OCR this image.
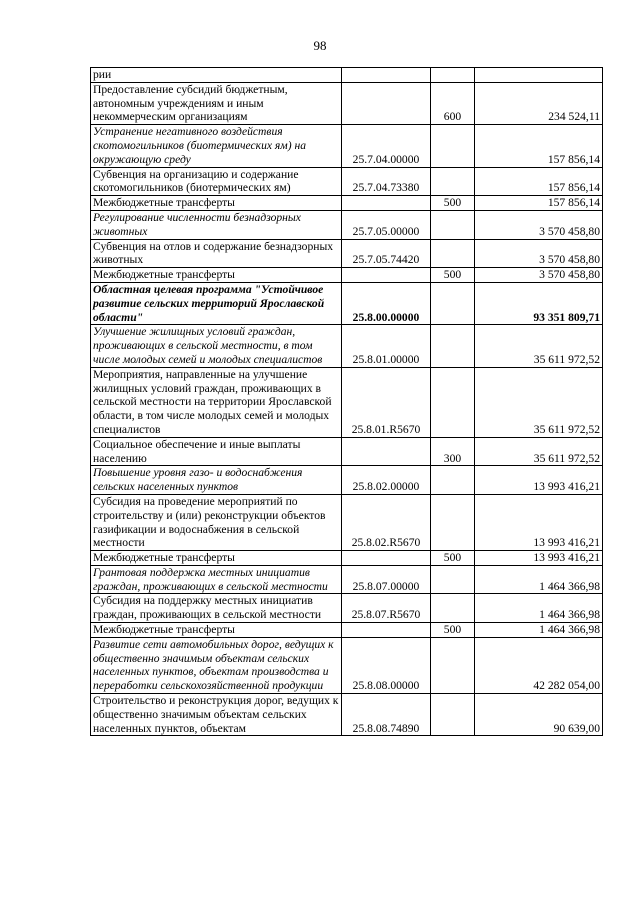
98
рии			
Предоставление субсидий бюджетным, автономным учреждениям и иным некоммерческим организациям		600	234 524,11
Устранение негативного воздействия скотомогильников (биотермических ям) на окружающую среду	25.7.04.00000		157 856,14
Субвенция на организацию и содержание скотомогильников (биотермических ям)	25.7.04.73380		157 856,14
Межбюджетные трансферты		500	157 856,14
Регулирование численности безнадзорных животных	25.7.05.00000		3 570 458,80
Субвенция на отлов и содержание безнадзорных животных	25.7.05.74420		3 570 458,80
Межбюджетные трансферты		500	3 570 458,80
Областная целевая программа "Устойчивое развитие сельских территорий Ярославской области"	25.8.00.00000		93 351 809,71
Улучшение жилищных условий граждан, проживающих в сельской местности, в том числе молодых семей и молодых специалистов	25.8.01.00000		35 611 972,52
Мероприятия, направленные на улучшение жилищных условий граждан, проживающих в сельской местности на территории Ярославской области, в том числе молодых семей и молодых специалистов	25.8.01.R5670		35 611 972,52
Социальное обеспечение и иные выплаты населению		300	35 611 972,52
Повышение уровня газо- и водоснабжения сельских населенных пунктов	25.8.02.00000		13 993 416,21
Субсидия на проведение мероприятий по строительству и (или) реконструкции объектов газификации и водоснабжения в сельской местности	25.8.02.R5670		13 993 416,21
Межбюджетные трансферты		500	13 993 416,21
Грантовая поддержка местных инициатив граждан, проживающих в сельской местности	25.8.07.00000		1 464 366,98
Субсидия на поддержку местных инициатив граждан, проживающих в сельской местности	25.8.07.R5670		1 464 366,98
Межбюджетные трансферты		500	1 464 366,98
Развитие сети автомобильных дорог, ведущих к общественно значимым объектам сельских населенных пунктов, объектам производства и переработки сельскохозяйственной продукции	25.8.08.00000		42 282 054,00
Строительство и реконструкция дорог, ведущих к общественно значимым объектам сельских населенных пунктов, объектам	25.8.08.74890		90 639,00
